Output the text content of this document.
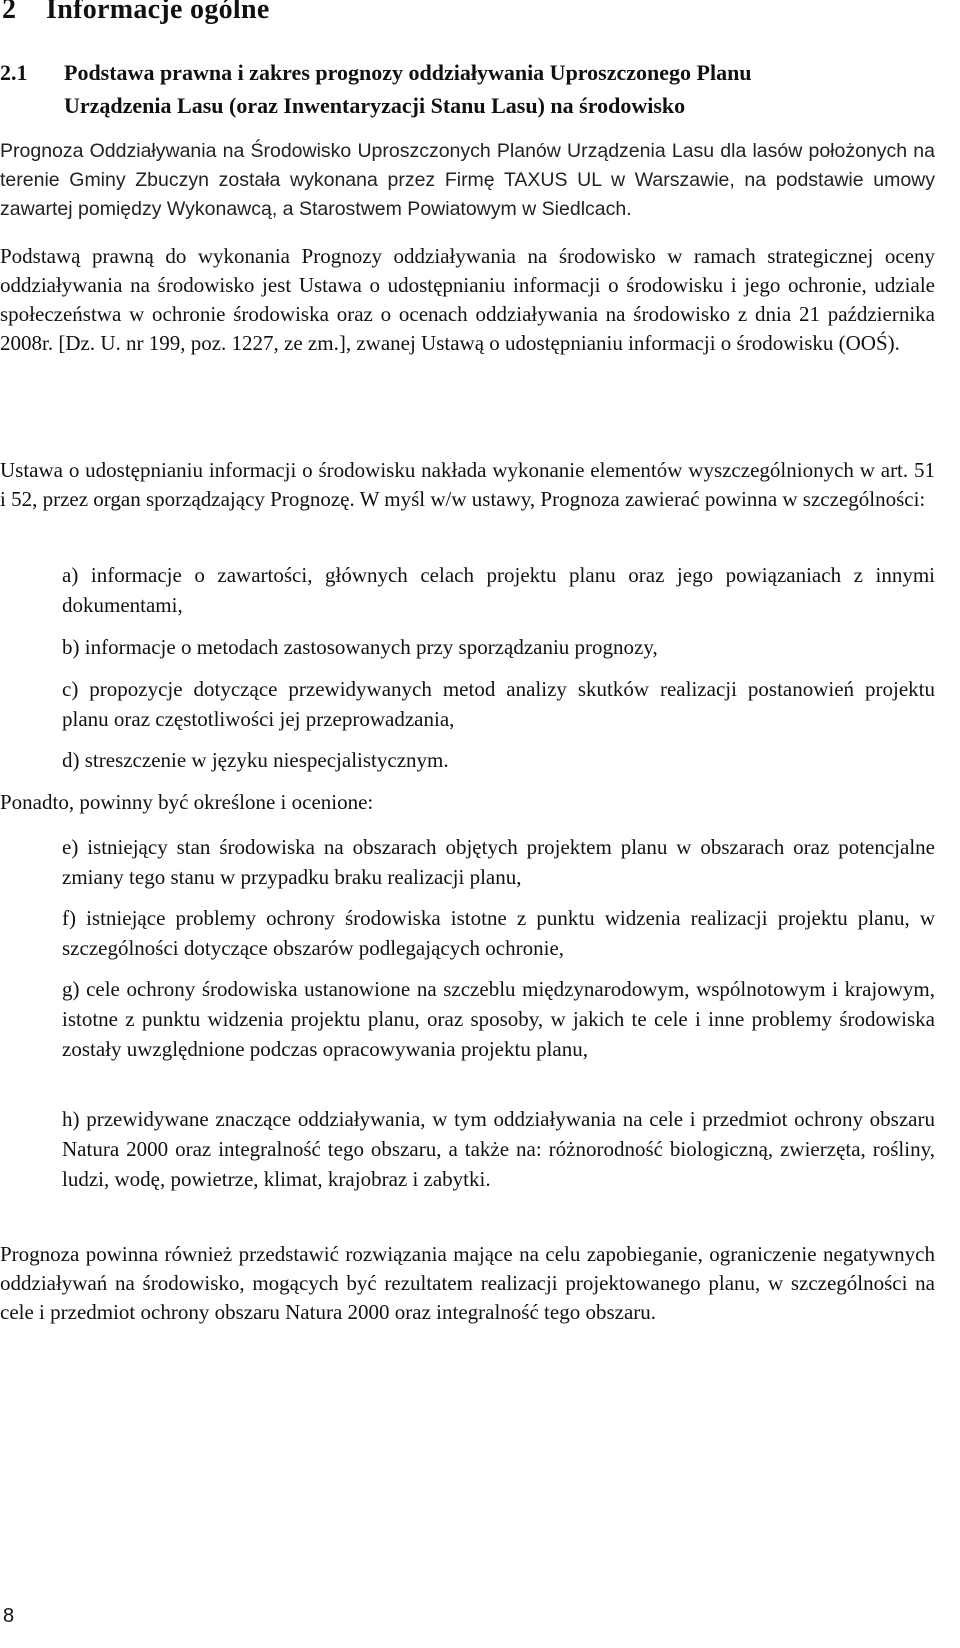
2 Informacje ogólne
2.1 Podstawa prawna i zakres prognozy oddziaływania Uproszczonego Planu
Urządzenia Lasu (oraz Inwentaryzacji Stanu Lasu) na środowisko

Prognoza Oddziaływania na Środowisko Uproszczonych Planów Urządzenia Lasu dla lasów położonych na terenie Gminy Zbuczyn została wykonana przez Firmę TAXUS UL w Warszawie, na podstawie umowy zawartej pomiędzy Wykonawcą, a Starostwem Powiatowym w Siedlcach.

Podstawą prawną do wykonania Prognozy oddziaływania na środowisko w ramach strategicznej oceny oddziaływania na środowisko jest Ustawa o udostępnianiu informacji o środowisku i jego ochronie, udziale społeczeństwa w ochronie środowiska oraz o ocenach oddziaływania na środowisko z dnia 21 października 2008r. [Dz. U. nr 199, poz. 1227, ze zm.], zwanej Ustawą o udostępnianiu informacji o środowisku (OOŚ).

Ustawa o udostępnianiu informacji o środowisku nakłada wykonanie elementów wyszczególnionych w art. 51 i 52, przez organ sporządzający Prognozę. W myśl w/w ustawy, Prognoza zawierać powinna w szczególności:

a) informacje o zawartości, głównych celach projektu planu oraz jego powiązaniach z innymi dokumentami,

b) informacje o metodach zastosowanych przy sporządzaniu prognozy,

c) propozycje dotyczące przewidywanych metod analizy skutków realizacji postanowień projektu planu oraz częstotliwości jej przeprowadzania,

d) streszczenie w języku niespecjalistycznym.

Ponadto, powinny być określone i ocenione:

e) istniejący stan środowiska na obszarach objętych projektem planu w obszarach oraz potencjalne zmiany tego stanu w przypadku braku realizacji planu,

f) istniejące problemy ochrony środowiska istotne z punktu widzenia realizacji projektu planu, w szczególności dotyczące obszarów podlegających ochronie,

g) cele ochrony środowiska ustanowione na szczeblu międzynarodowym, wspólnotowym i krajowym, istotne z punktu widzenia projektu planu, oraz sposoby, w jakich te cele i inne problemy środowiska zostały uwzględnione podczas opracowywania projektu planu,

h) przewidywane znaczące oddziaływania, w tym oddziaływania na cele i przedmiot ochrony obszaru Natura 2000 oraz integralność tego obszaru, a także na: różnorodność biologiczną, zwierzęta, rośliny, ludzi, wodę, powietrze, klimat, krajobraz i zabytki.

Prognoza powinna również przedstawić rozwiązania mające na celu zapobieganie, ograniczenie negatywnych oddziaływań na środowisko, mogących być rezultatem realizacji projektowanego planu, w szczególności na cele i przedmiot ochrony obszaru Natura 2000 oraz integralność tego obszaru.

8
